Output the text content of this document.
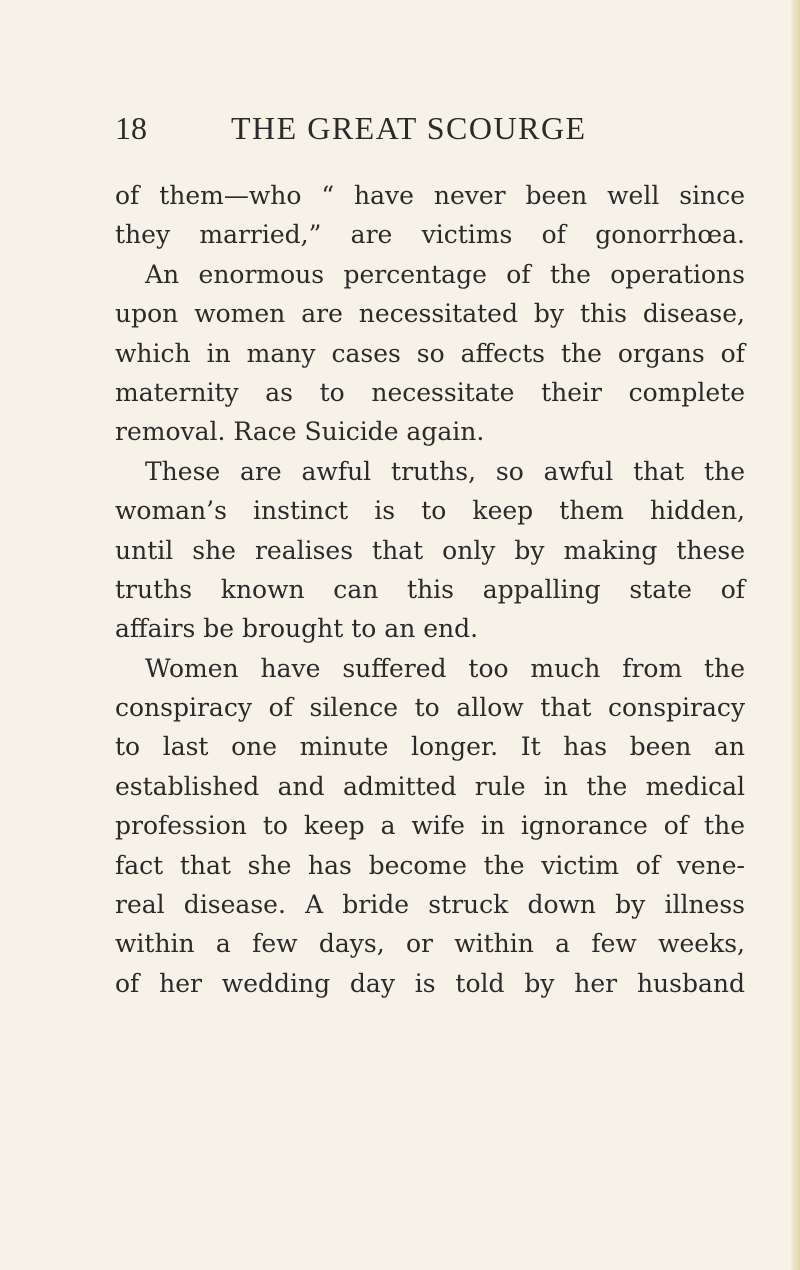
18	THE GREAT SCOURGE
of them—who “ have never been well since
they married,” are victims of gonorrhœa.
An enormous percentage of the operations
upon women are necessitated by this disease,
which in many cases so affects the organs of
maternity as to necessitate their complete
removal. Race Suicide again.
These are awful truths, so awful that the
woman’s instinct is to keep them hidden,
until she realises that only by making these
truths known can this appalling state of
affairs be brought to an end.
Women have suffered too much from the
conspiracy of silence to allow that conspiracy
to last one minute longer. It has been an
established and admitted rule in the medical
profession to keep a wife in ignorance of the
fact that she has become the victim of vene-
real disease. A bride struck down by illness
within a few days, or within a few weeks,
of her wedding day is told by her husband
